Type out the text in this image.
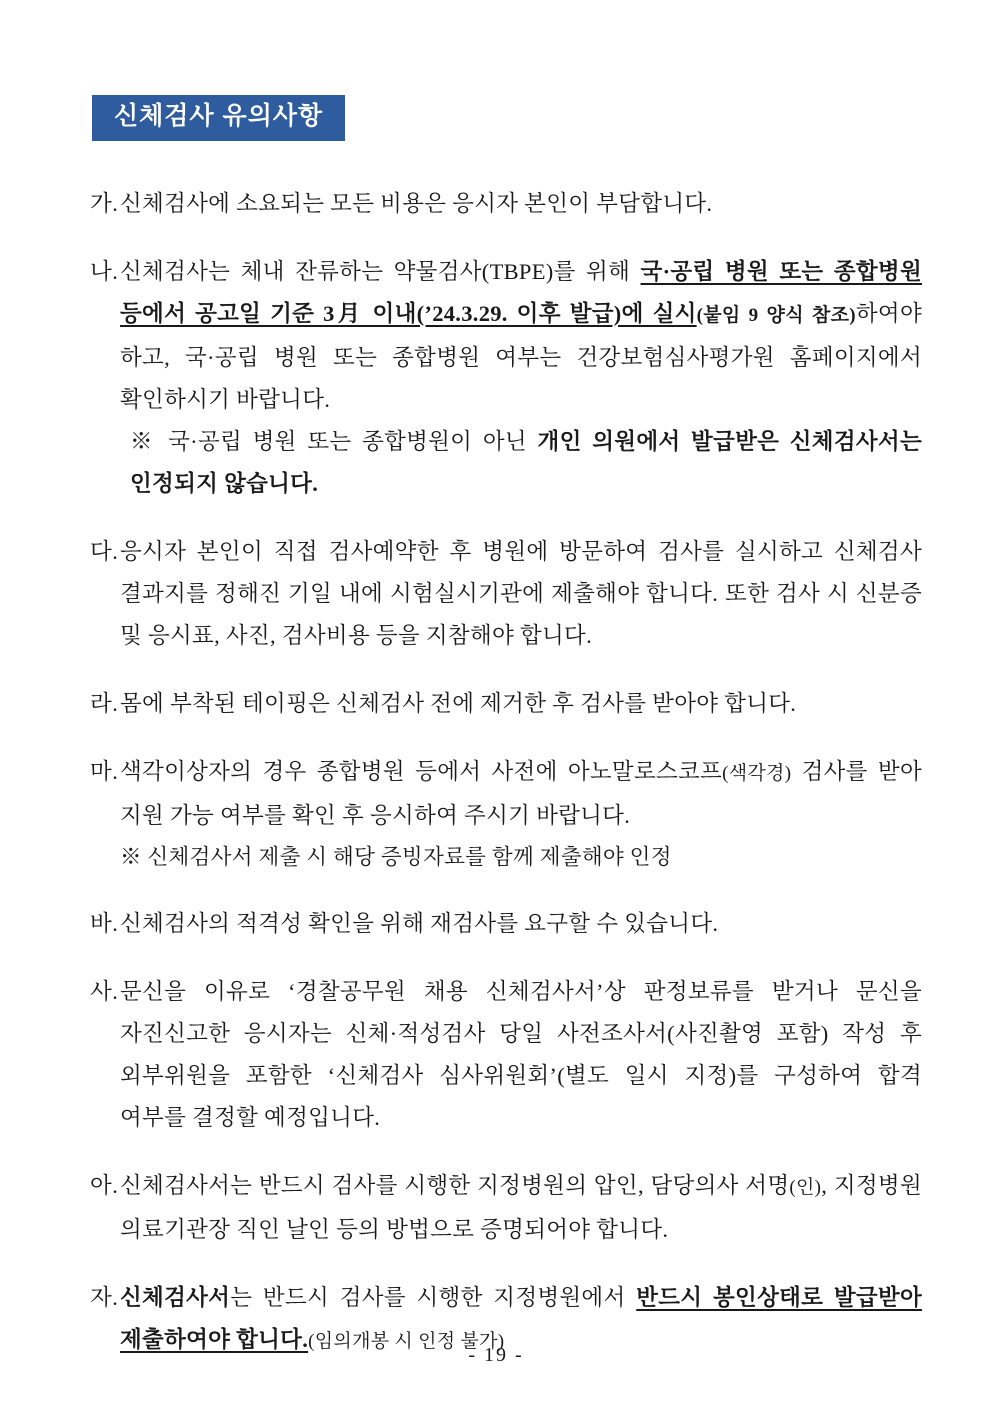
신체검사 유의사항
가. 신체검사에 소요되는 모든 비용은 응시자 본인이 부담합니다.

나. 신체검사는 체내 잔류하는 약물검사(TBPE)를 위해 국·공립 병원 또는 종합병원 등에서 공고일 기준 3月 이내(’24.3.29. 이후 발급)에 실시(붙임 9 양식 참조)하여야 하고, 국·공립 병원 또는 종합병원 여부는 건강보험심사평가원 홈페이지에서 확인하시기 바랍니다.

※ 국·공립 병원 또는 종합병원이 아닌 개인 의원에서 발급받은 신체검사서는 인정되지 않습니다.

다. 응시자 본인이 직접 검사예약한 후 병원에 방문하여 검사를 실시하고 신체검사 결과지를 정해진 기일 내에 시험실시기관에 제출해야 합니다. 또한 검사 시 신분증 및 응시표, 사진, 검사비용 등을 지참해야 합니다.

라. 몸에 부착된 테이핑은 신체검사 전에 제거한 후 검사를 받아야 합니다.

마. 색각이상자의 경우 종합병원 등에서 사전에 아노말로스코프(색각경) 검사를 받아 지원 가능 여부를 확인 후 응시하여 주시기 바랍니다.

※ 신체검사서 제출 시 해당 증빙자료를 함께 제출해야 인정

바. 신체검사의 적격성 확인을 위해 재검사를 요구할 수 있습니다.

사. 문신을 이유로 ‘경찰공무원 채용 신체검사서’상 판정보류를 받거나 문신을 자진신고한 응시자는 신체·적성검사 당일 사전조사서(사진촬영 포함) 작성 후 외부위원을 포함한 ‘신체검사 심사위원회’(별도 일시 지정)를 구성하여 합격 여부를 결정할 예정입니다.

아. 신체검사서는 반드시 검사를 시행한 지정병원의 압인, 담당의사 서명(인), 지정병원 의료기관장 직인 날인 등의 방법으로 증명되어야 합니다.

자. 신체검사서는 반드시 검사를 시행한 지정병원에서 반드시 봉인상태로 발급받아 제출하여야 합니다.(임의개봉 시 인정 불가)

- 19 -
